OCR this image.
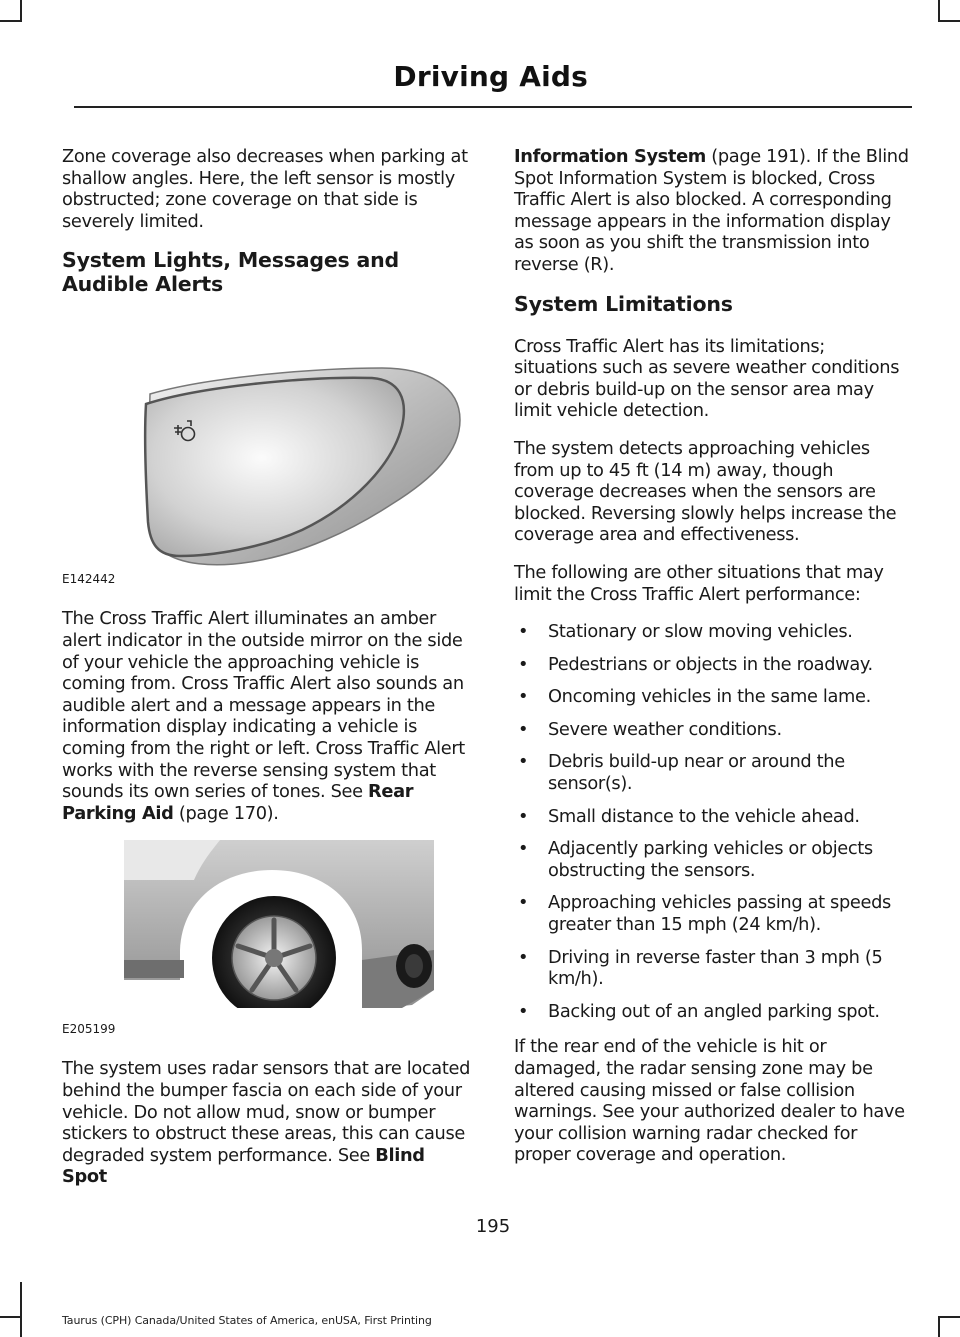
Driving Aids

Zone coverage also decreases when parking at shallow angles. Here, the left sensor is mostly obstructed; zone coverage on that side is severely limited.

System Lights, Messages and Audible Alerts
E142442

The Cross Traffic Alert illuminates an amber alert indicator in the outside mirror on the side of your vehicle the approaching vehicle is coming from. Cross Traffic Alert also sounds an audible alert and a message appears in the information display indicating a vehicle is coming from the right or left. Cross Traffic Alert works with the reverse sensing system that sounds its own series of tones. See Rear Parking Aid (page 170).

E205199

The system uses radar sensors that are located behind the bumper fascia on each side of your vehicle. Do not allow mud, snow or bumper stickers to obstruct these areas, this can cause degraded system performance. See Blind Spot

Information System (page 191). If the Blind Spot Information System is blocked, Cross Traffic Alert is also blocked. A corresponding message appears in the information display as soon as you shift the transmission into reverse (R).

System Limitations

Cross Traffic Alert has its limitations; situations such as severe weather conditions or debris build-up on the sensor area may limit vehicle detection.

The system detects approaching vehicles from up to 45 ft (14 m) away, though coverage decreases when the sensors are blocked. Reversing slowly helps increase the coverage area and effectiveness.

The following are other situations that may limit the Cross Traffic Alert performance:

• Stationary or slow moving vehicles.
• Pedestrians or objects in the roadway.
• Oncoming vehicles in the same lame.
• Severe weather conditions.
• Debris build-up near or around the sensor(s).
• Small distance to the vehicle ahead.
• Adjacently parking vehicles or objects obstructing the sensors.
• Approaching vehicles passing at speeds greater than 15 mph (24 km/h).
• Driving in reverse faster than 3 mph (5 km/h).
• Backing out of an angled parking spot.

If the rear end of the vehicle is hit or damaged, the radar sensing zone may be altered causing missed or false collision warnings. See your authorized dealer to have your collision warning radar checked for proper coverage and operation.

195
Taurus (CPH) Canada/United States of America, enUSA, First Printing
